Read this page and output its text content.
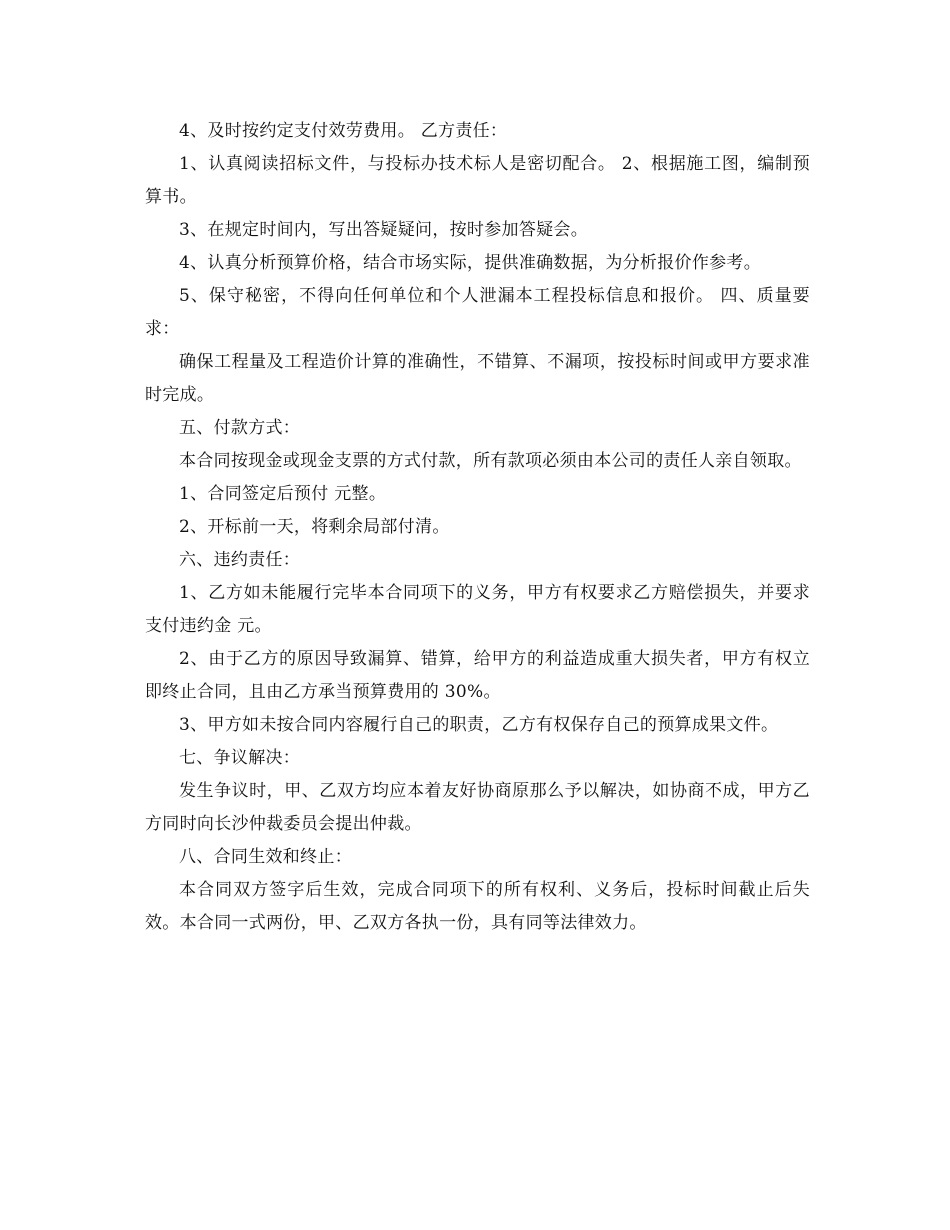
4、及时按约定支付效劳费用。 乙方责任：

1、认真阅读招标文件，与投标办技术标人是密切配合。 2、根据施工图，编制预算书。

3、在规定时间内，写出答疑疑问，按时参加答疑会。

4、认真分析预算价格，结合市场实际，提供准确数据，为分析报价作参考。

5、保守秘密，不得向任何单位和个人泄漏本工程投标信息和报价。 四、质量要求：

确保工程量及工程造价计算的准确性，不错算、不漏项，按投标时间或甲方要求准时完成。

五、付款方式：

本合同按现金或现金支票的方式付款，所有款项必须由本公司的责任人亲自领取。

1、合同签定后预付 元整。

2、开标前一天，将剩余局部付清。

六、违约责任：

1、乙方如未能履行完毕本合同项下的义务，甲方有权要求乙方赔偿损失，并要求支付违约金 元。

2、由于乙方的原因导致漏算、错算，给甲方的利益造成重大损失者，甲方有权立即终止合同，且由乙方承当预算费用的 30%。

3、甲方如未按合同内容履行自己的职责，乙方有权保存自己的预算成果文件。

七、争议解决：

发生争议时，甲、乙双方均应本着友好协商原那么予以解决，如协商不成，甲方乙方同时向长沙仲裁委员会提出仲裁。

八、合同生效和终止：

本合同双方签字后生效，完成合同项下的所有权利、义务后，投标时间截止后失效。本合同一式两份，甲、乙双方各执一份，具有同等法律效力。
